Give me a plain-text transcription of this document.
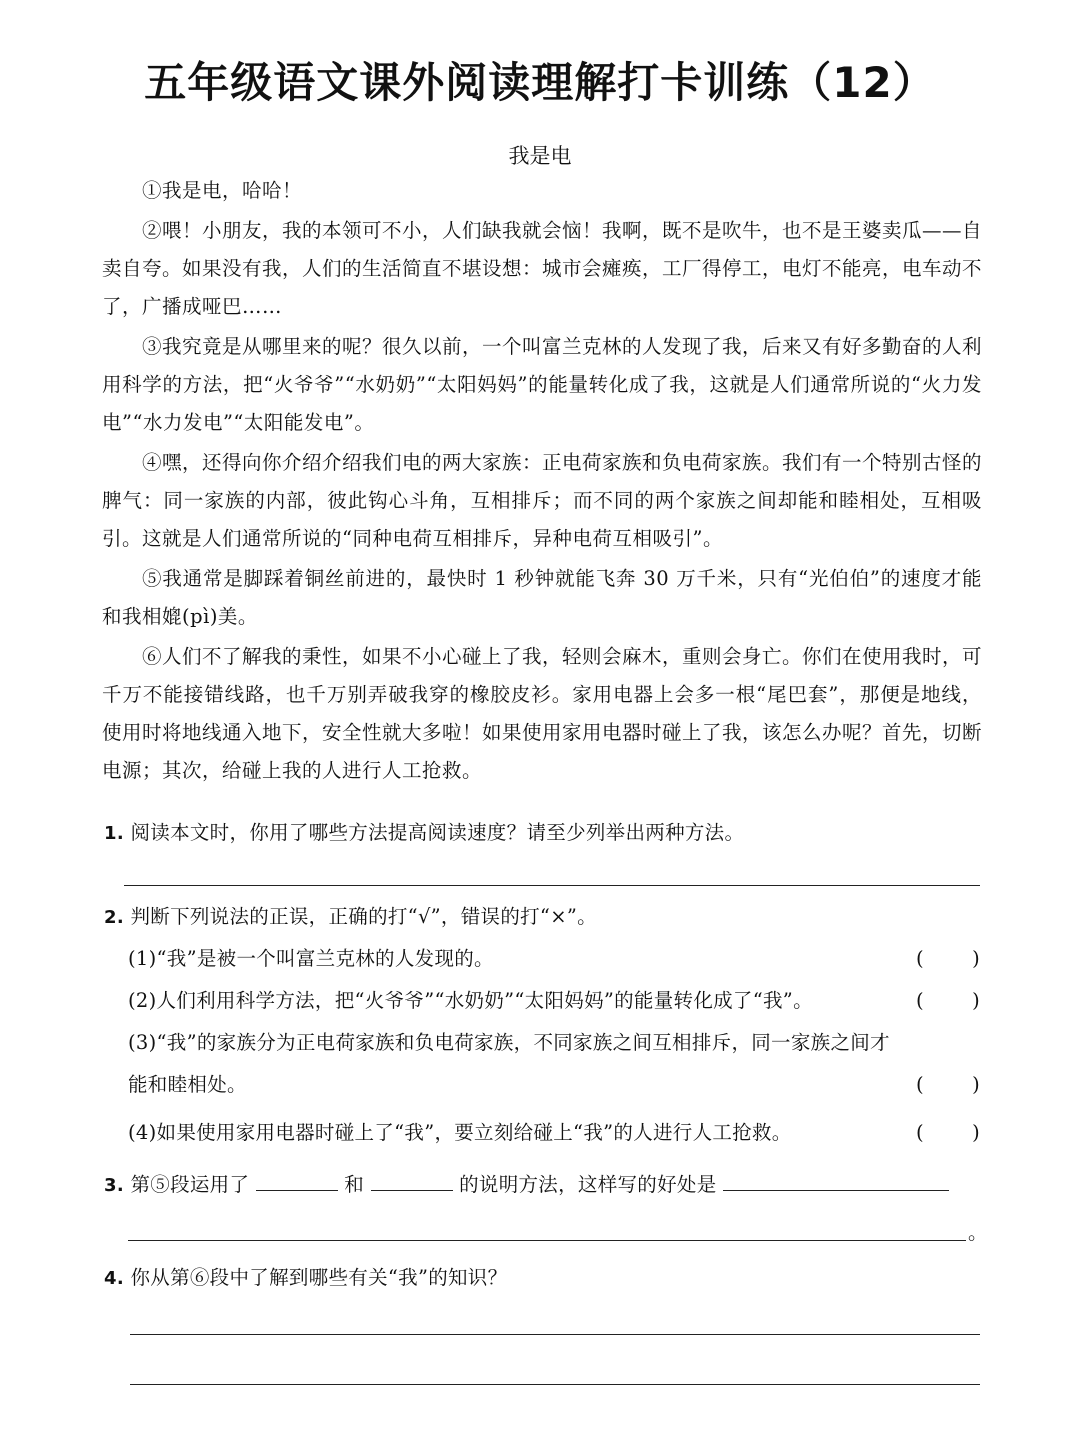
五年级语文课外阅读理解打卡训练（12）
我是电

①我是电，哈哈！

②喂！小朋友，我的本领可不小，人们缺我就会恼！我啊，既不是吹牛，也不是王婆卖瓜——自卖自夸。如果没有我，人们的生活简直不堪设想：城市会瘫痪，工厂得停工，电灯不能亮，电车动不了，广播成哑巴……

③我究竟是从哪里来的呢？很久以前，一个叫富兰克林的人发现了我，后来又有好多勤奋的人利用科学的方法，把“火爷爷”“水奶奶”“太阳妈妈”的能量转化成了我，这就是人们通常所说的“火力发电”“水力发电”“太阳能发电”。

④嘿，还得向你介绍介绍我们电的两大家族：正电荷家族和负电荷家族。我们有一个特别古怪的脾气：同一家族的内部，彼此钩心斗角，互相排斥；而不同的两个家族之间却能和睦相处，互相吸引。这就是人们通常所说的“同种电荷互相排斥，异种电荷互相吸引”。

⑤我通常是脚踩着铜丝前进的，最快时 1 秒钟就能飞奔 30 万千米，只有“光伯伯”的速度才能和我相媲(pì)美。

⑥人们不了解我的秉性，如果不小心碰上了我，轻则会麻木，重则会身亡。你们在使用我时，可千万不能接错线路，也千万别弄破我穿的橡胶皮衫。家用电器上会多一根“尾巴套”，那便是地线，使用时将地线通入地下，安全性就大多啦！如果使用家用电器时碰上了我，该怎么办呢？首先，切断电源；其次，给碰上我的人进行人工抢救。

1. 阅读本文时，你用了哪些方法提高阅读速度？请至少列举出两种方法。
2. 判断下列说法的正误，正确的打“√”，错误的打“×”。
(1)“我”是被一个叫富兰克林的人发现的。	( )
(2)人们利用科学方法，把“火爷爷”“水奶奶”“太阳妈妈”的能量转化成了“我”。	( )
(3)“我”的家族分为正电荷家族和负电荷家族，不同家族之间互相排斥，同一家族之间才
能和睦相处。	( )
(4)如果使用家用电器时碰上了“我”，要立刻给碰上“我”的人进行人工抢救。	( )
3. 第⑤段运用了	和	的说明方法，这样写的好处是
。
4. 你从第⑥段中了解到哪些有关“我”的知识？
